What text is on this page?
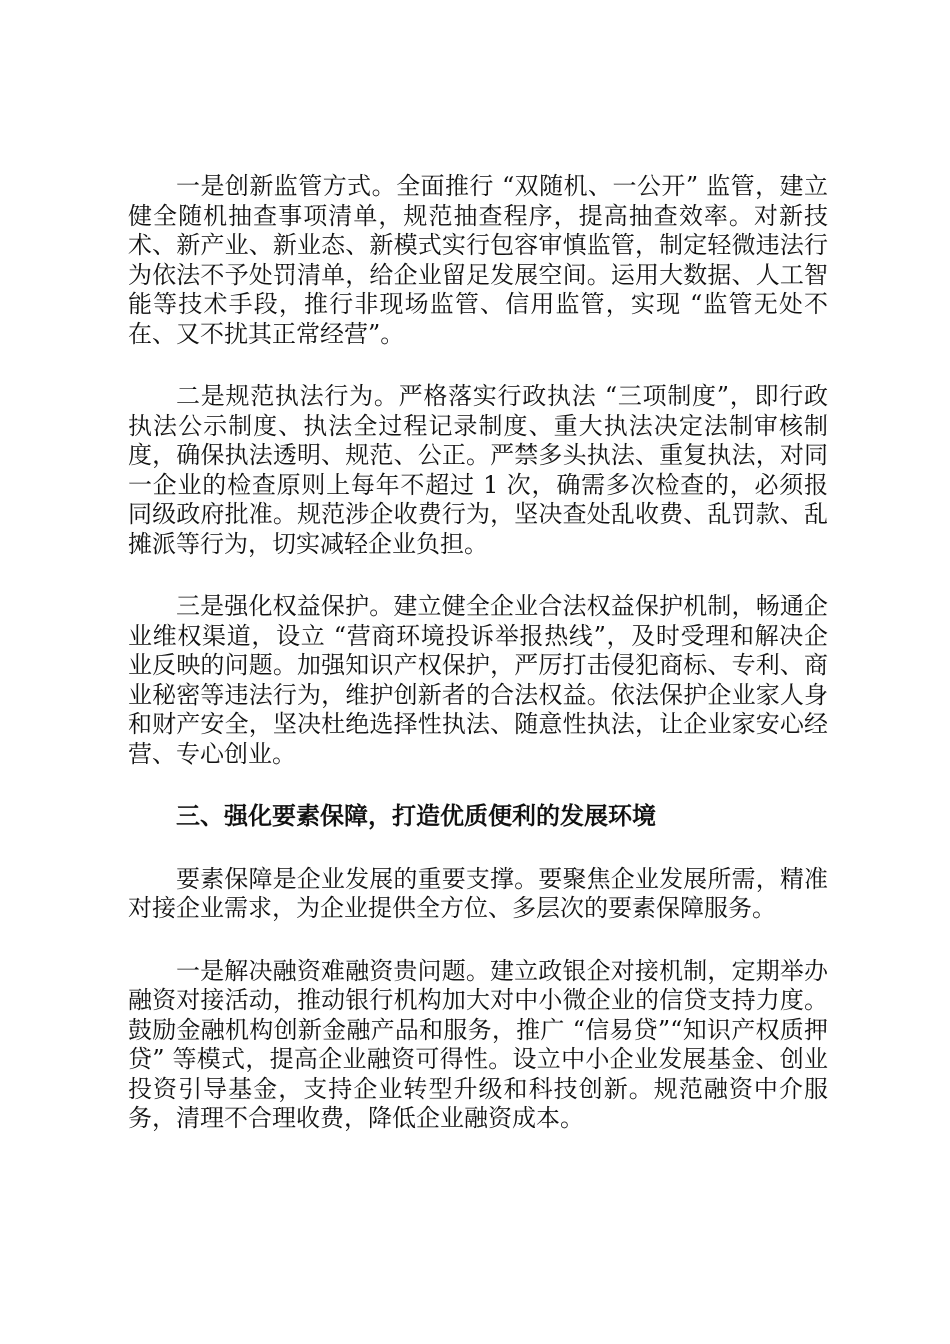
一是创新监管方式。全面推行 “双随机、一公开” 监管，建立健全随机抽查事项清单，规范抽查程序，提高抽查效率。对新技术、新产业、新业态、新模式实行包容审慎监管，制定轻微违法行为依法不予处罚清单，给企业留足发展空间。运用大数据、人工智能等技术手段，推行非现场监管、信用监管，实现 “监管无处不在、又不扰其正常经营”。

二是规范执法行为。严格落实行政执法 “三项制度”，即行政执法公示制度、执法全过程记录制度、重大执法决定法制审核制度，确保执法透明、规范、公正。严禁多头执法、重复执法，对同一企业的检查原则上每年不超过 1 次，确需多次检查的，必须报同级政府批准。规范涉企收费行为，坚决查处乱收费、乱罚款、乱摊派等行为，切实减轻企业负担。

三是强化权益保护。建立健全企业合法权益保护机制，畅通企业维权渠道，设立 “营商环境投诉举报热线”，及时受理和解决企业反映的问题。加强知识产权保护，严厉打击侵犯商标、专利、商业秘密等违法行为，维护创新者的合法权益。依法保护企业家人身和财产安全，坚决杜绝选择性执法、随意性执法，让企业家安心经营、专心创业。

三、强化要素保障，打造优质便利的发展环境

要素保障是企业发展的重要支撑。要聚焦企业发展所需，精准对接企业需求，为企业提供全方位、多层次的要素保障服务。

一是解决融资难融资贵问题。建立政银企对接机制，定期举办融资对接活动，推动银行机构加大对中小微企业的信贷支持力度。鼓励金融机构创新金融产品和服务，推广 “信易贷”“知识产权质押贷” 等模式，提高企业融资可得性。设立中小企业发展基金、创业投资引导基金，支持企业转型升级和科技创新。规范融资中介服务，清理不合理收费，降低企业融资成本。
